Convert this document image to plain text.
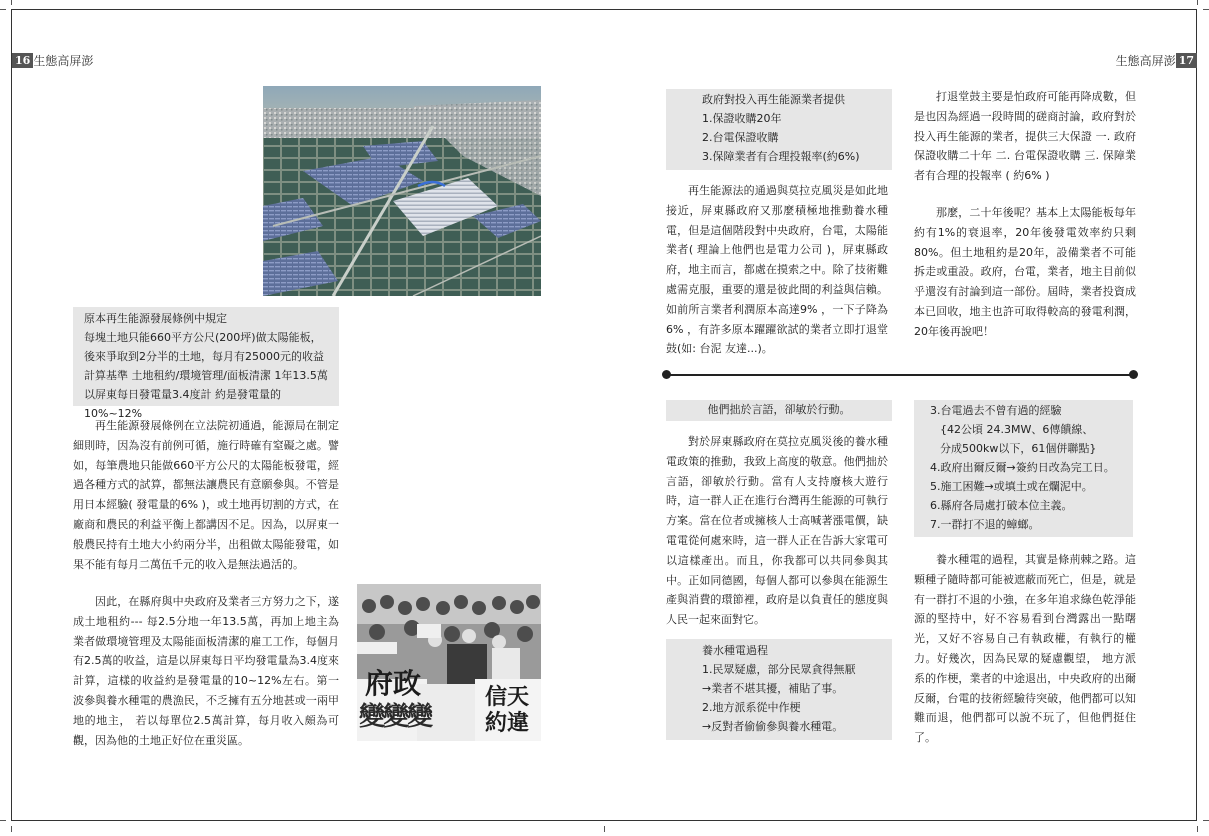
16 生態高屏澎	生態高屏澎 17
原本再生能源發展條例中規定
每塊土地只能660平方公尺(200坪)做太陽能板，
後來爭取到2分半的土地，每月有25000元的收益
計算基準 土地租約/環境管理/面板清潔 1年13.5萬
以屏東每日發電量3.4度計 約是發電量的10%~12%

再生能源發展條例在立法院初通過，能源局在制定細則時，因為沒有前例可循，施行時確有窒礙之處。譬如，每筆農地只能做660平方公尺的太陽能板發電，經過各種方式的試算，都無法讓農民有意願參與。不管是用日本經驗( 發電量的6% )，或土地再切割的方式，在廠商和農民的利益平衡上都講因不足。因為，以屏東一般農民持有土地大小約兩分半，出租做太陽能發電，如果不能有每月二萬伍千元的收入是無法過活的。

因此，在縣府與中央政府及業者三方努力之下，遂成土地租約--- 每2.5分地一年13.5萬，再加上地主為業者做環境管理及太陽能面板清潔的雇工工作，每個月有2.5萬的收益，這是以屏東每日平均發電量為3.4度來計算，這樣的收益約是發電量的10~12%左右。第一波參與養水種電的農漁民，不乏擁有五分地甚或一兩甲地的地主， 若以每單位2.5萬計算，每月收入頗為可觀，因為他的土地正好位在重災區。

府政
變變變
信天
約違
政府對投入再生能源業者提供
1.保證收購20年
2.台電保證收購
3.保障業者有合理投報率(約6%)

再生能源法的通過與莫拉克風災是如此地接近，屏東縣政府又那麼積極地推動養水種電，但是這個階段對中央政府，台電，太陽能業者( 理論上他們也是電力公司 )，屏東縣政府，地主而言，都處在摸索之中。除了技術難處需克服，重要的還是彼此間的利益與信賴。如前所言業者利潤原本高達9% ，一下子降為6% ，有許多原本躍躍欲試的業者立即打退堂鼓(如: 台泥 友達...)。

打退堂鼓主要是怕政府可能再降成數，但是也因為經過一段時間的磋商討論，政府對於投入再生能源的業者，提供三大保證 一. 政府保證收購二十年 二. 台電保證收購 三. 保障業者有合理的投報率 ( 約6% )

那麼，二十年後呢？基本上太陽能板每年約有1%的衰退率，20年後發電效率約只剩80%。但土地租約是20年，設備業者不可能拆走或重設。政府，台電，業者，地主目前似乎還沒有討論到這一部份。屆時，業者投資成本已回收，地主也許可取得較高的發電利潤，20年後再說吧！

他們拙於言語，卻敏於行動。

對於屏東縣政府在莫拉克風災後的養水種電政策的推動，我致上高度的敬意。他們拙於言語，卻敏於行動。當有人支持廢核大遊行時，這一群人正在進行台灣再生能源的可執行方案。當在位者或擁核人士高喊著漲電價，缺電電從何處來時，這一群人正在告訴大家電可以這樣產出。而且，你我都可以共同參與其中。正如同德國，每個人都可以參與在能源生產與消費的環節裡，政府是以負責任的態度與人民一起來面對它。

養水種電過程
1.民眾疑慮，部分民眾貪得無厭
→業者不堪其擾，補貼了事。
2.地方派系從中作梗
→反對者偷偷參與養水種電。
3.台電過去不曾有過的經驗
{42公頃 24.3MW、6傳饋線、
分成500kw以下，61個併聯點}
4.政府出爾反爾→簽約日改為完工日。
5.施工困難→或填土或在爛泥中。
6.縣府各局處打破本位主義。
7.一群打不退的蟑螂。

養水種電的過程，其實是條荊棘之路。這顆種子隨時都可能被遮蔽而死亡，但是，就是有一群打不退的小強，在多年追求綠色乾淨能源的堅持中，好不容易看到台灣露出一點曙光，又好不容易自己有執政權，有執行的權力。好幾次，因為民眾的疑慮觀望， 地方派系的作梗，業者的中途退出，中央政府的出爾反爾，台電的技術經驗待突破，他們都可以知難而退，他們都可以說不玩了，但他們挺住了。
